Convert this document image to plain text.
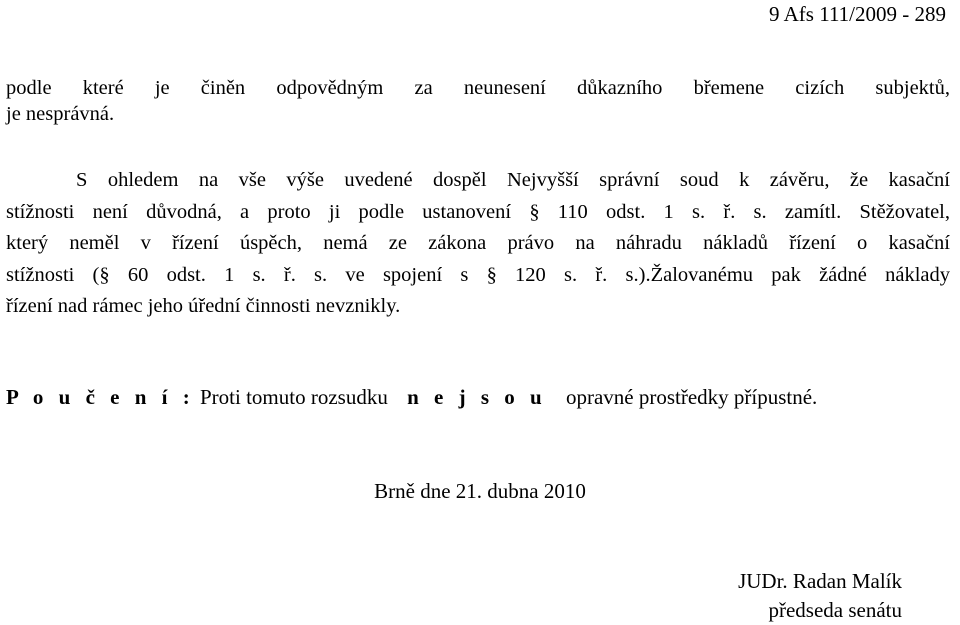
9 Afs 111/2009 - 289
podle které je činěn odpovědným za neunesení důkazního břemene cizích subjektů,
je nesprávná.
S ohledem na vše výše uvedené dospěl Nejvyšší správní soud k závěru, že kasační
stížnosti není důvodná, a proto ji podle ustanovení § 110 odst. 1 s. ř. s. zamítl. Stěžovatel,
který neměl v řízení úspěch, nemá ze zákona právo na náhradu nákladů řízení o kasační
stížnosti (§ 60 odst. 1 s. ř. s. ve spojení s § 120 s. ř. s.).Žalovanému pak žádné náklady
řízení nad rámec jeho úřední činnosti nevznikly.
P o u č e n í : Proti tomuto rozsudku n e j s o u opravné prostředky přípustné.
Brně dne 21. dubna 2010
JUDr. Radan Malík
předseda senátu
